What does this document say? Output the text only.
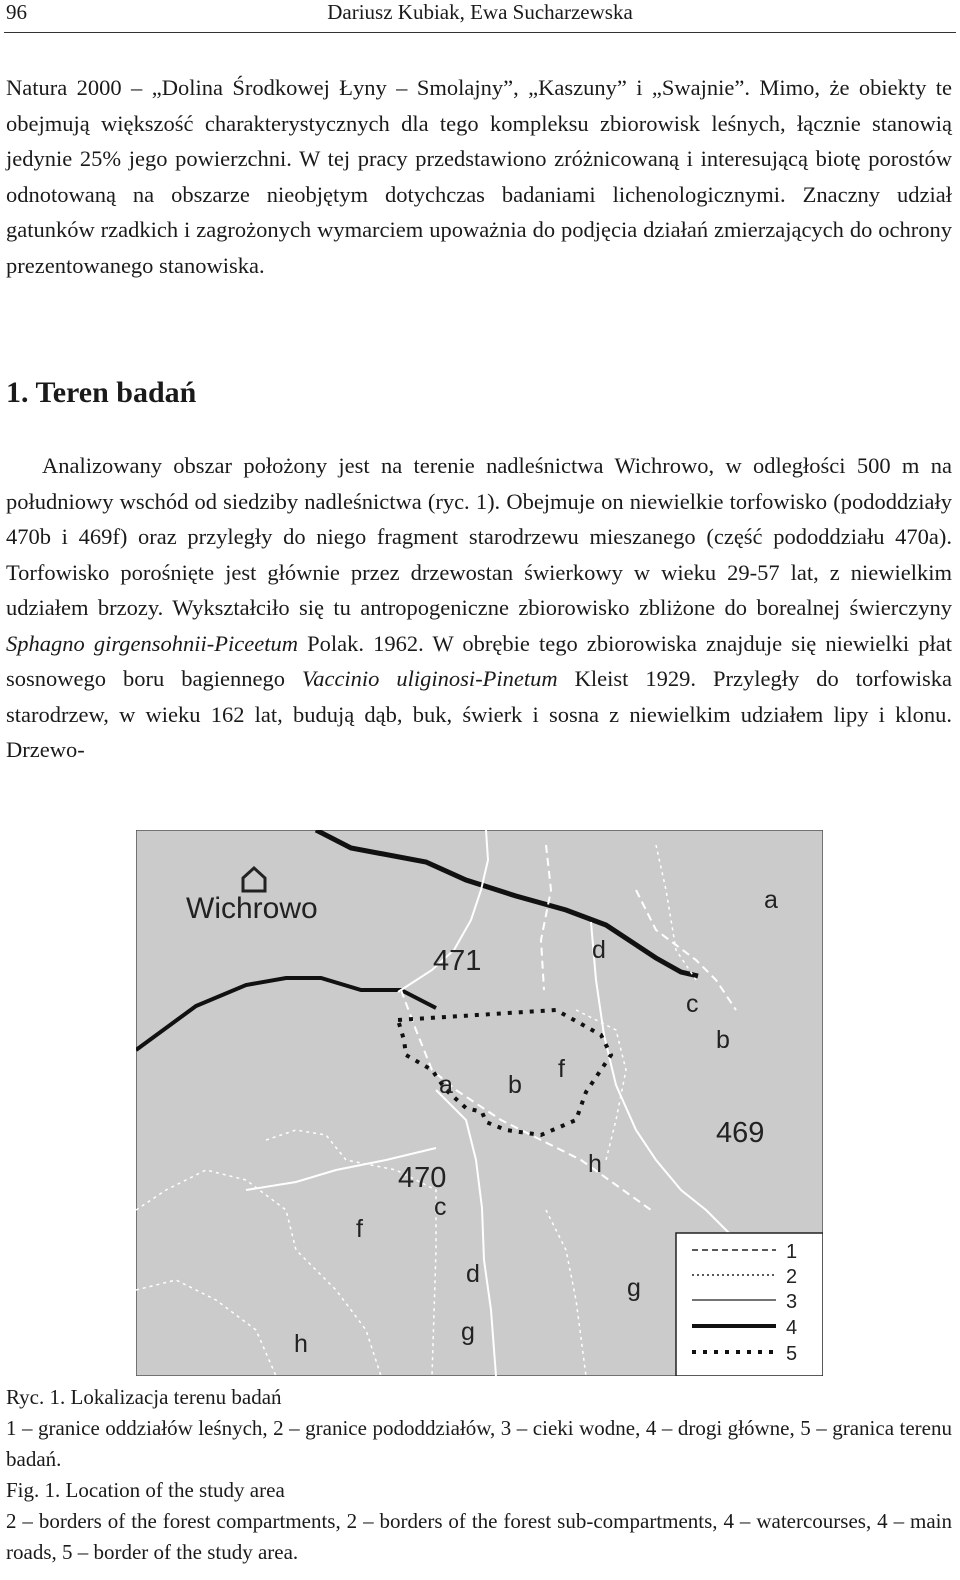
96	Dariusz Kubiak, Ewa Sucharzewska
Natura 2000 – „Dolina Środkowej Łyny – Smolajny”, „Kaszuny” i „Swajnie”. Mimo, że obiekty te obejmują większość charakterystycznych dla tego kompleksu zbiorowisk leśnych, łącznie stanowią jedynie 25% jego powierzchni. W tej pracy przedstawiono zróżnicowaną i interesującą biotę porostów odnotowaną na obszarze nieobjętym dotychczas badaniami lichenologicznymi. Znaczny udział gatunków rzadkich i zagrożonych wymarciem upoważnia do podjęcia działań zmierzających do ochrony prezentowanego stanowiska.
1. Teren badań
Analizowany obszar położony jest na terenie nadleśnictwa Wichrowo, w odległości 500 m na południowy wschód od siedziby nadleśnictwa (ryc. 1). Obejmuje on niewielkie torfowisko (pododdziały 470b i 469f) oraz przyległy do niego fragment starodrzewu mieszanego (część pododdziału 470a). Torfowisko porośnięte jest głównie przez drzewostan świerkowy w wieku 29-57 lat, z niewielkim udziałem brzozy. Wykształciło się tu antropogeniczne zbiorowisko zbliżone do borealnej świerczyny Sphagno girgensohnii-Piceetum Polak. 1962. W obrębie tego zbiorowiska znajduje się niewielki płat sosnowego boru bagiennego Vaccinio uliginosi-Pinetum Kleist 1929. Przyległy do torfowiska starodrzew, w wieku 162 lat, budują dąb, buk, świerk i sosna z niewielkim udziałem lipy i klonu. Drzewo-
Wichrowo
471
470
469
a
d
c
b
a b
f
h
c
f
d
g
h
g
1
2
3
4
5
Ryc. 1. Lokalizacja terenu badań
1 – granice oddziałów leśnych, 2 – granice pododdziałów, 3 – cieki wodne, 4 – drogi główne, 5 – granica terenu badań.
Fig. 1. Location of the study area
2 – borders of the forest compartments, 2 – borders of the forest sub-compartments, 4 – watercourses, 4 – main roads, 5 – border of the study area.
